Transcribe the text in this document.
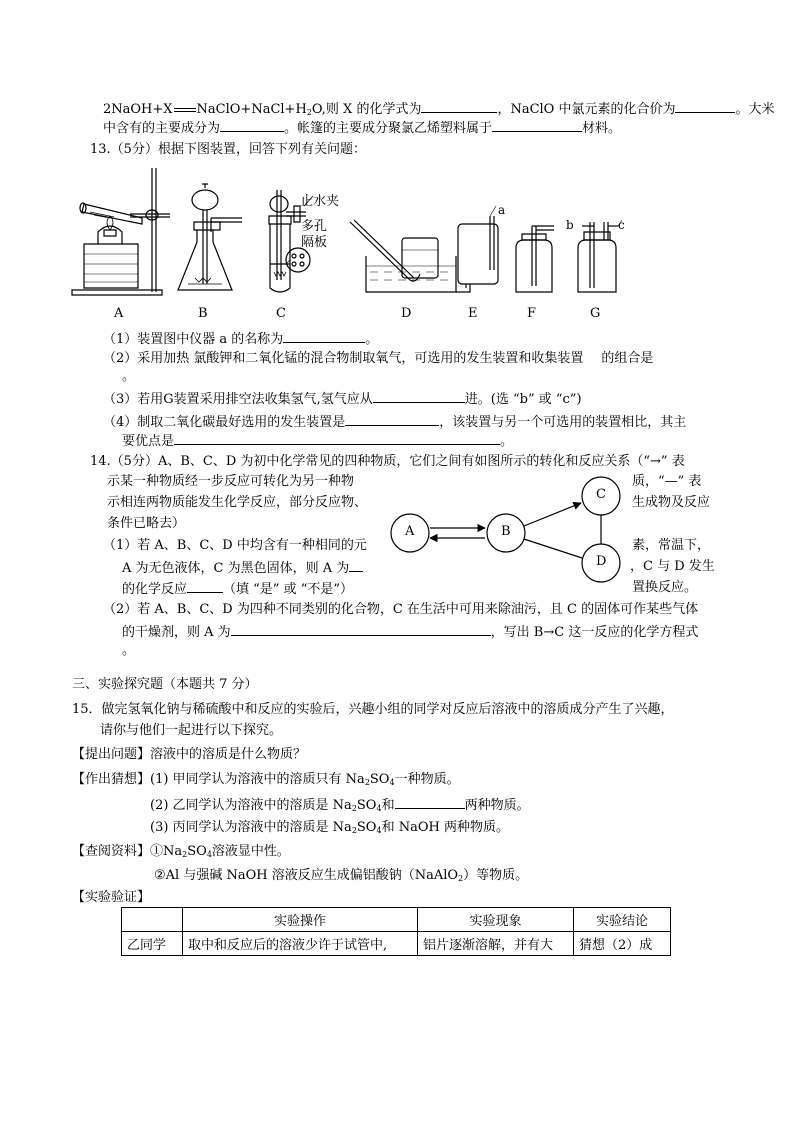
2NaOH+X $NaClO+NaCl+H_2O$,则 X 的化学式为	，NaClO 中氯元素的化合价为	。大米
中含有的主要成分为	。帐篷的主要成分聚氯乙烯塑料属于	材料。
13.（5分）根据下图装置，回答下列有关问题：
止水夹
多孔
隔板
a
b	c
A	B	C	D	E	F	G
（1）装置图中仪器 a 的名称为	。
（2）采用加热 氯酸钾和二氧化锰的混合物制取氧气，可选用的发生装置和收集装置 的组合是
。
（3）若用G装置采用排空法收集氢气,氢气应从	进。(选 “b” 或 “c”)
（4）制取二氧化碳最好选用的发生装置是	，该装置与另一个可选用的装置相比，其主
要优点是	。
14.（5分）A、B、C、D 为初中化学常见的四种物质，它们之间有如图所示的转化和反应关系（“→” 表
示某一种物质经一步反应可转化为另一种物	质，“—” 表
示相连两物质能发生化学反应，部分反应物、	生成物及反应
条件已略去）
（1）若 A、B、C、D 中均含有一种相同的元	素，常温下，
A 为无色液体，C 为黑色固体，则 A 为	，C 与 D 发生
的化学反应	（填 “是” 或 “不是”）	置换反应。
A	B
C
D
（2）若 A、B、C、D 为四种不同类别的化合物，C 在生活中可用来除油污，且 C 的固体可作某些气体
的干燥剂，则 A 为	，写出 B→C 这一反应的化学方程式
。
三、实验探究题（本题共 7 分）
15．做完氢氧化钠与稀硫酸中和反应的实验后，兴趣小组的同学对反应后溶液中的溶质成分产生了兴趣，
请你与他们一起进行以下探究。
【提出问题】溶液中的溶质是什么物质？
【作出猜想】(1) 甲同学认为溶液中的溶质只有 $Na_2SO_4$一种物质。
(2) 乙同学认为溶液中的溶质是 $Na_2SO_4$和	两种物质。
(3) 丙同学认为溶液中的溶质是 $Na_2SO_4$和 NaOH 两种物质。
【查阅资料】$①Na_2SO_4$溶液显中性。
②Al 与强碱 NaOH 溶液反应生成偏铝酸钠（NaAlO$_2$）等物质。
【实验验证】
	实验操作	实验现象	实验结论
乙同学	取中和反应后的溶液少许于试管中,	铝片逐渐溶解，并有大	猜想（2）成
